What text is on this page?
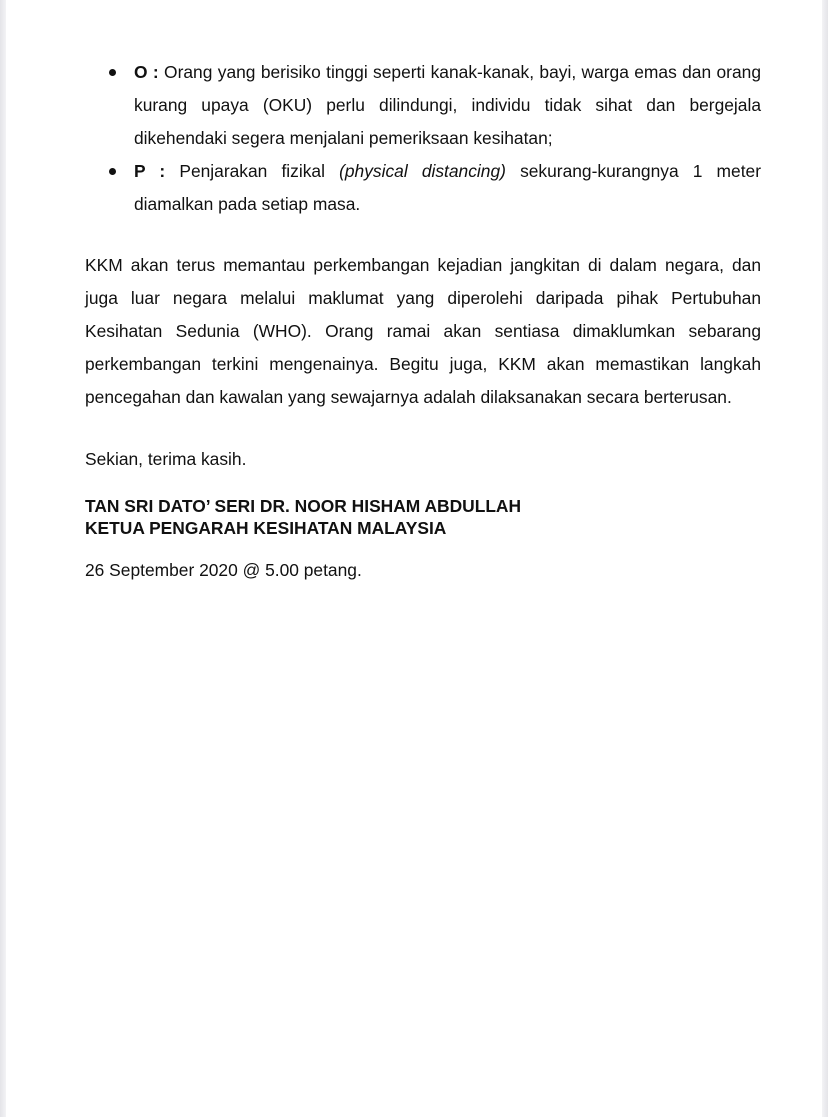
O : Orang yang berisiko tinggi seperti kanak-kanak, bayi, warga emas dan orang kurang upaya (OKU) perlu dilindungi, individu tidak sihat dan bergejala dikehendaki segera menjalani pemeriksaan kesihatan;
P : Penjarakan fizikal (physical distancing) sekurang-kurangnya 1 meter diamalkan pada setiap masa.

KKM akan terus memantau perkembangan kejadian jangkitan di dalam negara, dan juga luar negara melalui maklumat yang diperolehi daripada pihak Pertubuhan Kesihatan Sedunia (WHO). Orang ramai akan sentiasa dimaklumkan sebarang perkembangan terkini mengenainya. Begitu juga, KKM akan memastikan langkah pencegahan dan kawalan yang sewajarnya adalah dilaksanakan secara berterusan.

Sekian, terima kasih.

TAN SRI DATO’ SERI DR. NOOR HISHAM ABDULLAH
KETUA PENGARAH KESIHATAN MALAYSIA

26 September 2020 @ 5.00 petang.
